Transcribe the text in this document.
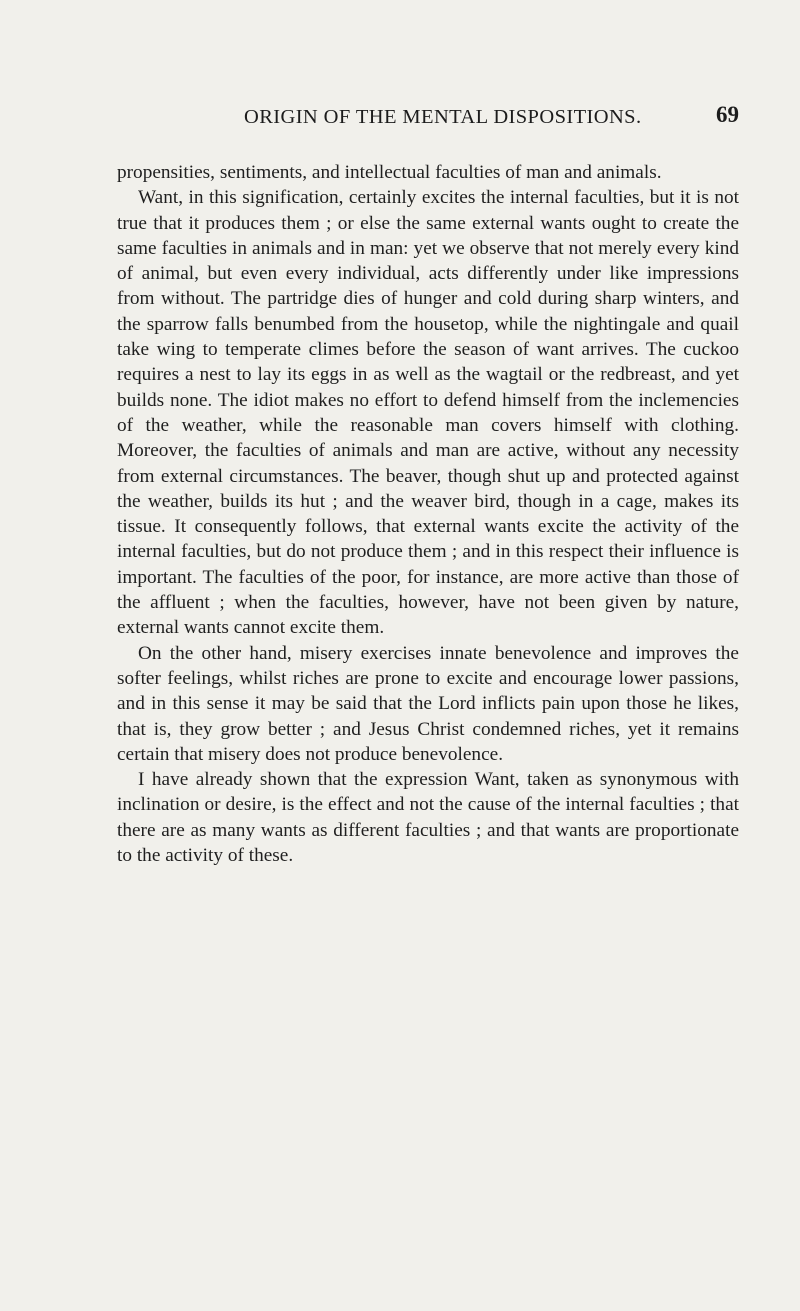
ORIGIN OF THE MENTAL DISPOSITIONS.	69

propensities, sentiments, and intellectual faculties of man and animals.

Want, in this signification, certainly excites the internal faculties, but it is not true that it produces them ; or else the same external wants ought to create the same faculties in animals and in man: yet we observe that not merely every kind of animal, but even every individual, acts differently under like impressions from without. The partridge dies of hunger and cold during sharp winters, and the sparrow falls benumbed from the housetop, while the nightingale and quail take wing to temperate climes before the season of want arrives. The cuckoo requires a nest to lay its eggs in as well as the wagtail or the redbreast, and yet builds none. The idiot makes no effort to defend himself from the inclemencies of the weather, while the reasonable man covers himself with clothing. Moreover, the faculties of animals and man are active, without any necessity from external circumstances. The beaver, though shut up and protected against the weather, builds its hut ; and the weaver bird, though in a cage, makes its tissue. It consequently follows, that external wants excite the activity of the internal faculties, but do not produce them ; and in this respect their influence is important. The faculties of the poor, for instance, are more active than those of the affluent ; when the faculties, however, have not been given by nature, external wants cannot excite them.

On the other hand, misery exercises innate benevolence and improves the softer feelings, whilst riches are prone to excite and encourage lower passions, and in this sense it may be said that the Lord inflicts pain upon those he likes, that is, they grow better ; and Jesus Christ condemned riches, yet it remains certain that misery does not produce benevolence.

I have already shown that the expression Want, taken as synonymous with inclination or desire, is the effect and not the cause of the internal faculties ; that there are as many wants as different faculties ; and that wants are proportionate to the activity of these.
